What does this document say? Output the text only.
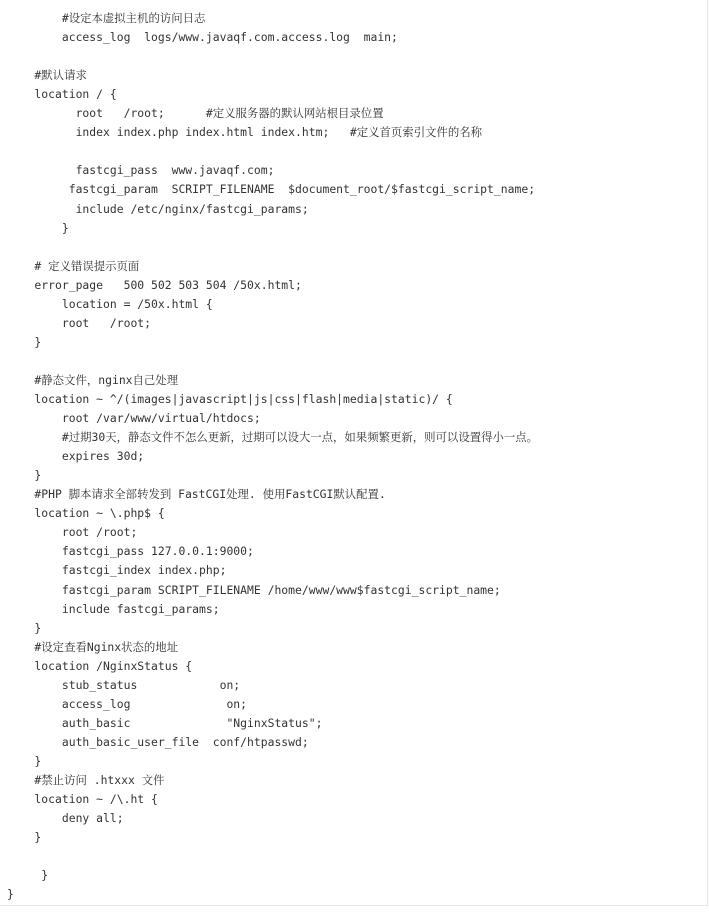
#设定本虚拟主机的访问日志
access_log  logs/www.javaqf.com.access.log  main;
#默认请求
location / {
root   /root;      #定义服务器的默认网站根目录位置
index index.php index.html index.htm;   #定义首页索引文件的名称
fastcgi_pass  www.javaqf.com;
fastcgi_param  SCRIPT_FILENAME  $document_root/$fastcgi_script_name;
include /etc/nginx/fastcgi_params;
}
# 定义错误提示页面
error_page   500 502 503 504 /50x.html;
location = /50x.html {
root   /root;
}
#静态文件，nginx自己处理
location ~ ^/(images|javascript|js|css|flash|media|static)/ {
root /var/www/virtual/htdocs;
#过期30天，静态文件不怎么更新，过期可以设大一点，如果频繁更新，则可以设置得小一点。
expires 30d;
}
#PHP 脚本请求全部转发到 FastCGI处理. 使用FastCGI默认配置.
location ~ \.php$ {
root /root;
fastcgi_pass 127.0.0.1:9000;
fastcgi_index index.php;
fastcgi_param SCRIPT_FILENAME /home/www/www$fastcgi_script_name;
include fastcgi_params;
}
#设定查看Nginx状态的地址
location /NginxStatus {
stub_status            on;
access_log              on;
auth_basic              "NginxStatus";
auth_basic_user_file  conf/htpasswd;
}
#禁止访问 .htxxx 文件
location ~ /\.ht {
deny all;
}
}
}
